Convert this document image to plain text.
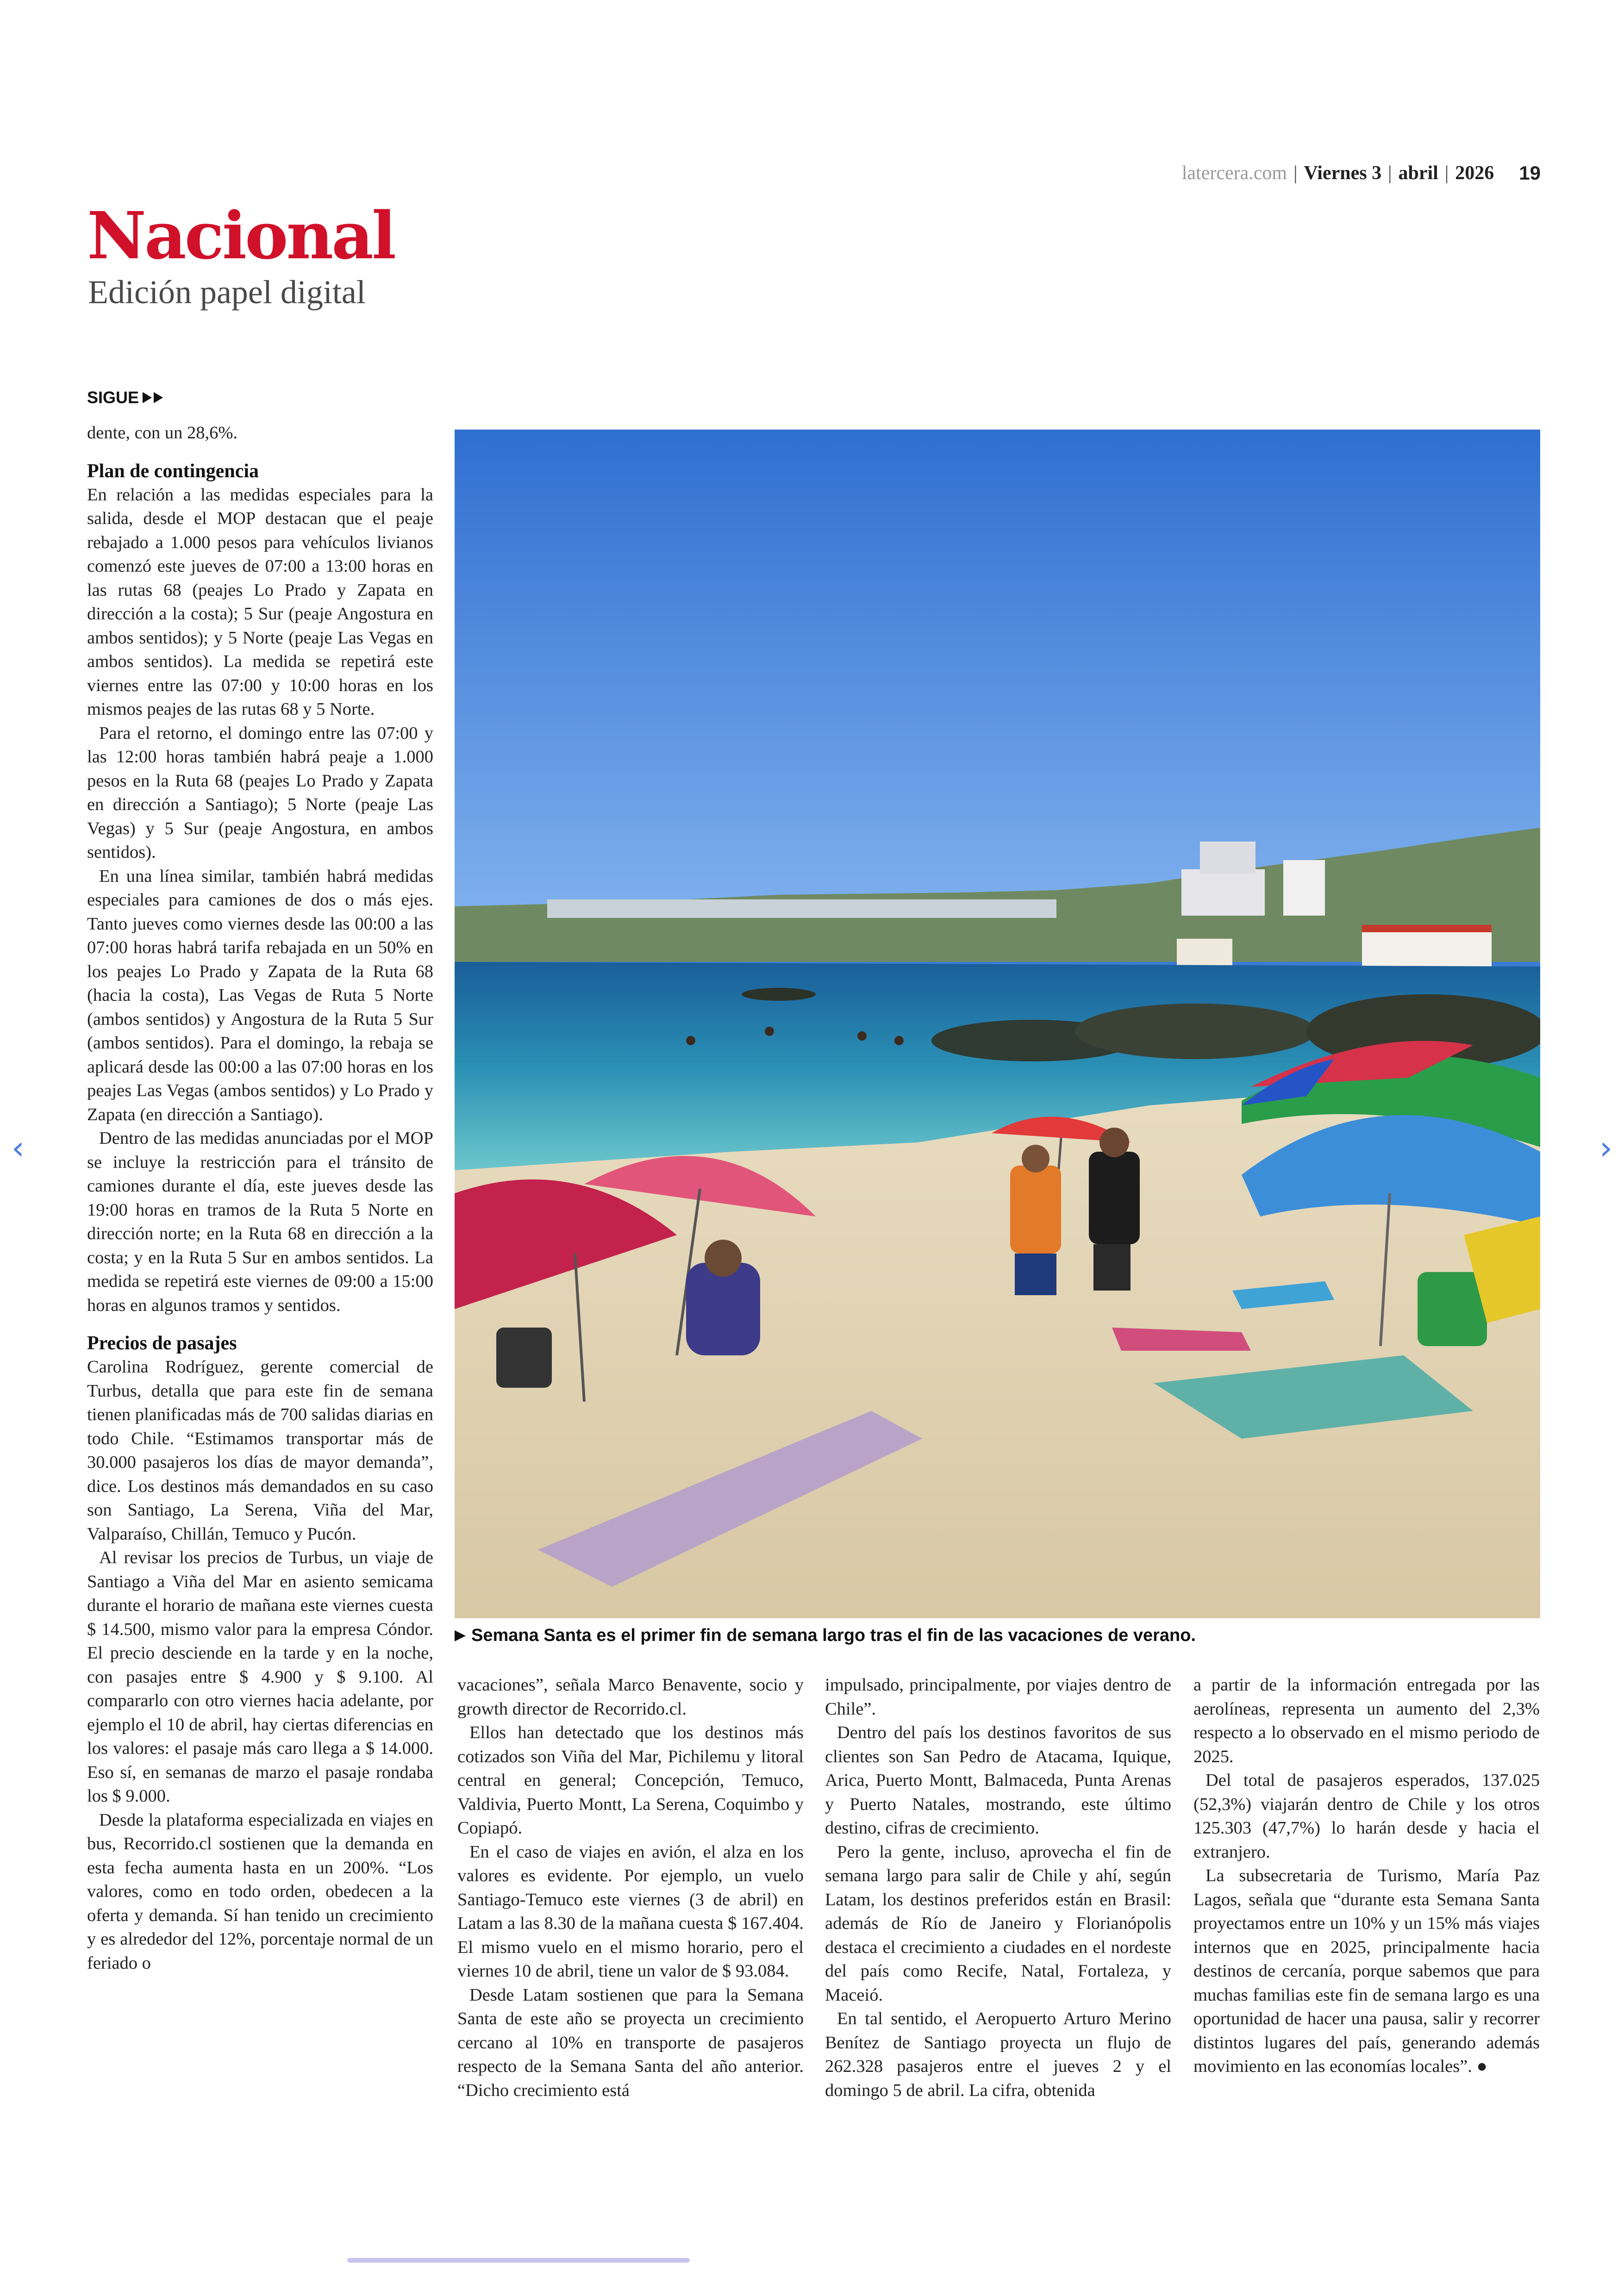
latercera.com | Viernes 3 | abril | 2026 19
Nacional
Edición papel digital
SIGUE

dente, con un 28,6%.

Plan de contingencia

En relación a las medidas especiales para la salida, desde el MOP destacan que el peaje rebajado a 1.000 pesos para vehículos livianos comenzó este jueves de 07:00 a 13:00 horas en las rutas 68 (peajes Lo Prado y Zapata en dirección a la costa); 5 Sur (peaje Angostura en ambos sentidos); y 5 Norte (peaje Las Vegas en ambos sentidos). La medida se repetirá este viernes entre las 07:00 y 10:00 horas en los mismos peajes de las rutas 68 y 5 Norte.

Para el retorno, el domingo entre las 07:00 y las 12:00 horas también habrá peaje a 1.000 pesos en la Ruta 68 (peajes Lo Prado y Zapata en dirección a Santiago); 5 Norte (peaje Las Vegas) y 5 Sur (peaje Angostura, en ambos sentidos).

En una línea similar, también habrá medidas especiales para camiones de dos o más ejes. Tanto jueves como viernes desde las 00:00 a las 07:00 horas habrá tarifa rebajada en un 50% en los peajes Lo Prado y Zapata de la Ruta 68 (hacia la costa), Las Vegas de Ruta 5 Norte (ambos sentidos) y Angostura de la Ruta 5 Sur (ambos sentidos). Para el domingo, la rebaja se aplicará desde las 00:00 a las 07:00 horas en los peajes Las Vegas (ambos sentidos) y Lo Prado y Zapata (en dirección a Santiago).

Dentro de las medidas anunciadas por el MOP se incluye la restricción para el tránsito de camiones durante el día, este jueves desde las 19:00 horas en tramos de la Ruta 5 Norte en dirección norte; en la Ruta 68 en dirección a la costa; y en la Ruta 5 Sur en ambos sentidos. La medida se repetirá este viernes de 09:00 a 15:00 horas en algunos tramos y sentidos.

Precios de pasajes

Carolina Rodríguez, gerente comercial de Turbus, detalla que para este fin de semana tienen planificadas más de 700 salidas diarias en todo Chile. “Estimamos transportar más de 30.000 pasajeros los días de mayor demanda”, dice. Los destinos más demandados en su caso son Santiago, La Serena, Viña del Mar, Valparaíso, Chillán, Temuco y Pucón.

Al revisar los precios de Turbus, un viaje de Santiago a Viña del Mar en asiento semicama durante el horario de mañana este viernes cuesta $ 14.500, mismo valor para la empresa Cóndor. El precio desciende en la tarde y en la noche, con pasajes entre $ 4.900 y $ 9.100. Al compararlo con otro viernes hacia adelante, por ejemplo el 10 de abril, hay ciertas diferencias en los valores: el pasaje más caro llega a $ 14.000. Eso sí, en semanas de marzo el pasaje rondaba los $ 9.000.

Desde la plataforma especializada en viajes en bus, Recorrido.cl sostienen que la demanda en esta fecha aumenta hasta en un 200%. “Los valores, como en todo orden, obedecen a la oferta y demanda. Sí han tenido un crecimiento y es alrededor del 12%, porcentaje normal de un feriado o

Semana Santa es el primer fin de semana largo tras el fin de las vacaciones de verano.

vacaciones”, señala Marco Benavente, socio y growth director de Recorrido.cl.

Ellos han detectado que los destinos más cotizados son Viña del Mar, Pichilemu y litoral central en general; Concepción, Temuco, Valdivia, Puerto Montt, La Serena, Coquimbo y Copiapó.

En el caso de viajes en avión, el alza en los valores es evidente. Por ejemplo, un vuelo Santiago-Temuco este viernes (3 de abril) en Latam a las 8.30 de la mañana cuesta $ 167.404. El mismo vuelo en el mismo horario, pero el viernes 10 de abril, tiene un valor de $ 93.084.

Desde Latam sostienen que para la Semana Santa de este año se proyecta un crecimiento cercano al 10% en transporte de pasajeros respecto de la Semana Santa del año anterior. “Dicho crecimiento está

impulsado, principalmente, por viajes dentro de Chile”.

Dentro del país los destinos favoritos de sus clientes son San Pedro de Atacama, Iquique, Arica, Puerto Montt, Balmaceda, Punta Arenas y Puerto Natales, mostrando, este último destino, cifras de crecimiento.

Pero la gente, incluso, aprovecha el fin de semana largo para salir de Chile y ahí, según Latam, los destinos preferidos están en Brasil: además de Río de Janeiro y Florianópolis destaca el crecimiento a ciudades en el nordeste del país como Recife, Natal, Fortaleza, y Maceió.

En tal sentido, el Aeropuerto Arturo Merino Benítez de Santiago proyecta un flujo de 262.328 pasajeros entre el jueves 2 y el domingo 5 de abril. La cifra, obtenida

a partir de la información entregada por las aerolíneas, representa un aumento del 2,3% respecto a lo observado en el mismo periodo de 2025.

Del total de pasajeros esperados, 137.025 (52,3%) viajarán dentro de Chile y los otros 125.303 (47,7%) lo harán desde y hacia el extranjero.

La subsecretaria de Turismo, María Paz Lagos, señala que “durante esta Semana Santa proyectamos entre un 10% y un 15% más viajes internos que en 2025, principalmente hacia destinos de cercanía, porque sabemos que para muchas familias este fin de semana largo es una oportunidad de hacer una pausa, salir y recorrer distintos lugares del país, generando además movimiento en las economías locales”. ●

‹	›
